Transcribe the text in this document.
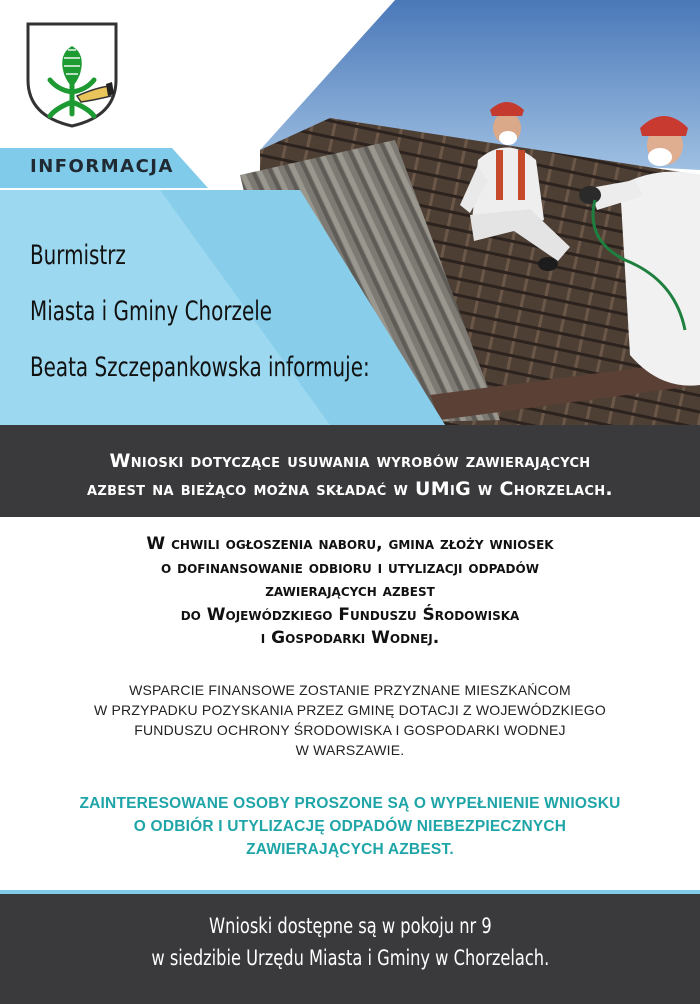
INFORMACJA
Burmistrz
Miasta i Gminy Chorzele
Beata Szczepankowska informuje:

Wnioski dotyczące usuwania wyrobów zawierających
azbest na bieżąco można składać w UMiG w Chorzelach.

W chwili ogłoszenia naboru, gmina złoży wniosek

o dofinansowanie odbioru i utylizacji odpadów

zawierających azbest

do Wojewódzkiego Funduszu Środowiska

i Gospodarki Wodnej.

WSPARCIE FINANSOWE ZOSTANIE PRZYZNANE MIESZKAŃCOM

W PRZYPADKU POZYSKANIA PRZEZ GMINĘ DOTACJI Z WOJEWÓDZKIEGO

FUNDUSZU OCHRONY ŚRODOWISKA I GOSPODARKI WODNEJ

W WARSZAWIE.

ZAINTERESOWANE OSOBY PROSZONE SĄ O WYPEŁNIENIE WNIOSKU

O ODBIÓR I UTYLIZACJĘ ODPADÓW NIEBEZPIECZNYCH

ZAWIERAJĄCYCH AZBEST.

Wnioski dostępne są w pokoju nr 9
w siedzibie Urzędu Miasta i Gminy w Chorzelach.
